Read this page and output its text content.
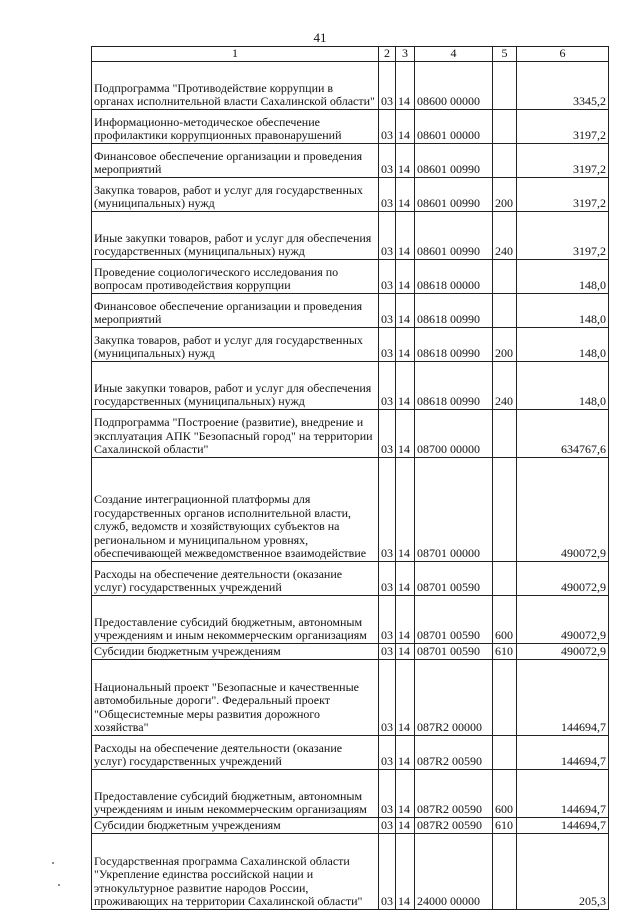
41
1	2	3	4	5	6
Подпрограмма "Противодействие коррупции в органах исполнительной власти Сахалинской области"	03	14	08600 00000		3345,2
Информационно-методическое обеспечение профилактики коррупционных правонарушений	03	14	08601 00000		3197,2
Финансовое обеспечение организации и проведения мероприятий	03	14	08601 00990		3197,2
Закупка товаров, работ и услуг для государственных (муниципальных) нужд	03	14	08601 00990	200	3197,2
Иные закупки товаров, работ и услуг для обеспечения государственных (муниципальных) нужд	03	14	08601 00990	240	3197,2
Проведение социологического исследования по вопросам противодействия коррупции	03	14	08618 00000		148,0
Финансовое обеспечение организации и проведения мероприятий	03	14	08618 00990		148,0
Закупка товаров, работ и услуг для государственных (муниципальных) нужд	03	14	08618 00990	200	148,0
Иные закупки товаров, работ и услуг для обеспечения государственных (муниципальных) нужд	03	14	08618 00990	240	148,0
Подпрограмма "Построение (развитие), внедрение и эксплуатация АПК "Безопасный город" на территории Сахалинской области"	03	14	08700 00000		634767,6
Создание интеграционной платформы для государственных органов исполнительной власти, служб, ведомств и хозяйствующих субъектов на региональном и муниципальном уровнях, обеспечивающей межведомственное взаимодействие	03	14	08701 00000		490072,9
Расходы на обеспечение деятельности (оказание услуг) государственных учреждений	03	14	08701 00590		490072,9
Предоставление субсидий бюджетным, автономным учреждениям и иным некоммерческим организациям	03	14	08701 00590	600	490072,9
Субсидии бюджетным учреждениям	03	14	08701 00590	610	490072,9
Национальный проект "Безопасные и качественные автомобильные дороги". Федеральный проект "Общесистемные меры развития дорожного хозяйства"	03	14	087R2 00000		144694,7
Расходы на обеспечение деятельности (оказание услуг) государственных учреждений	03	14	087R2 00590		144694,7
Предоставление субсидий бюджетным, автономным учреждениям и иным некоммерческим организациям	03	14	087R2 00590	600	144694,7
Субсидии бюджетным учреждениям	03	14	087R2 00590	610	144694,7
Государственная программа Сахалинской области "Укрепление единства российской нации и этнокультурное развитие народов России, проживающих на территории Сахалинской области"	03	14	24000 00000		205,3
